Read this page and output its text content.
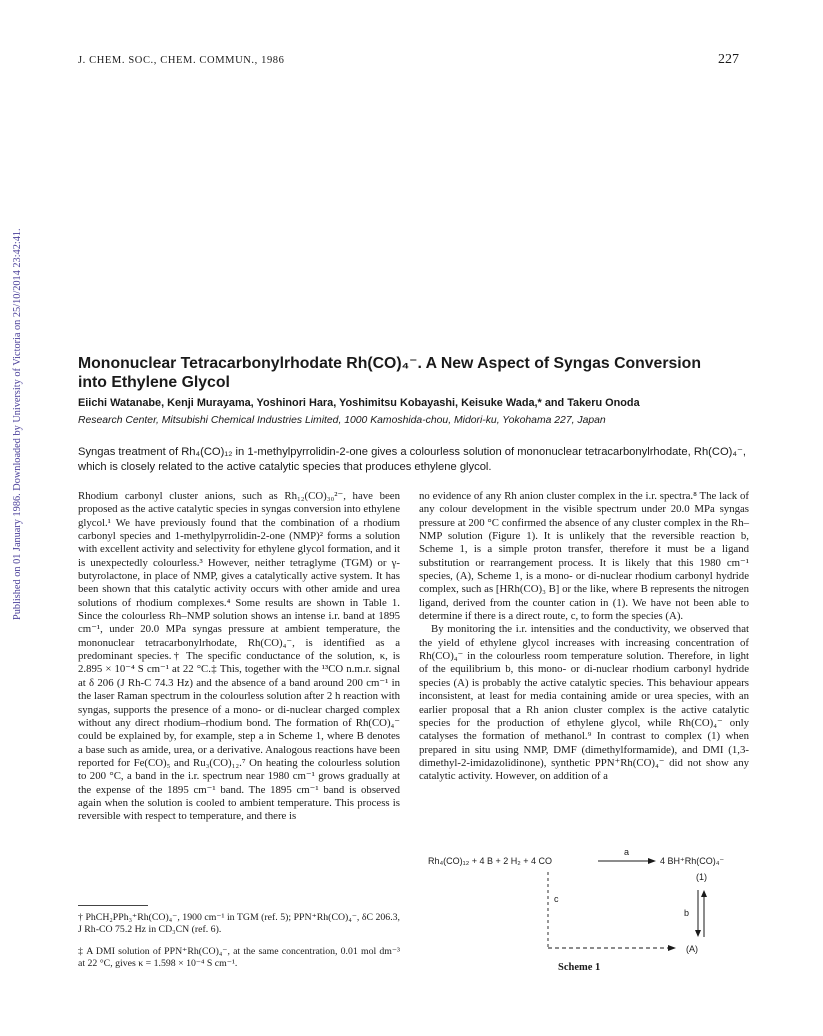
J. CHEM. SOC., CHEM. COMMUN., 1986	227
Published on 01 January 1986. Downloaded by University of Victoria on 25/10/2014 23:42:41.	Mononuclear Tetracarbonylrhodate Rh(CO)₄⁻. A New Aspect of Syngas Conversion
into Ethylene Glycol
Eiichi Watanabe, Kenji Murayama, Yoshinori Hara, Yoshimitsu Kobayashi, Keisuke Wada,* and Takeru Onoda
Research Center, Mitsubishi Chemical Industries Limited, 1000 Kamoshida-chou, Midori-ku, Yokohama 227, Japan
Syngas treatment of Rh₄(CO)₁₂ in 1-methylpyrrolidin-2-one gives a colourless solution of mononuclear tetracarbonylrhodate, Rh(CO)₄⁻, which is closely related to the active catalytic species that produces ethylene glycol.

Rhodium carbonyl cluster anions, such as Rh₁₂(CO)₃₀²⁻, have been proposed as the active catalytic species in syngas conversion into ethylene glycol.¹ We have previously found that the combination of a rhodium carbonyl species and 1-methylpyrrolidin-2-one (NMP)² forms a solution with excellent activity and selectivity for ethylene glycol formation, and it is unexpectedly colourless.³ However, neither tetraglyme (TGM) or γ-butyrolactone, in place of NMP, gives a catalytically active system. It has been shown that this catalytic activity occurs with other amide and urea solutions of rhodium complexes.⁴ Some results are shown in Table 1. Since the colourless Rh–NMP solution shows an intense i.r. band at 1895 cm⁻¹, under 20.0 MPa syngas pressure at ambient temperature, the mononuclear tetracarbonylrhodate, Rh(CO)₄⁻, is identified as a predominant species.† The specific conductance of the solution, κ, is 2.895 × 10⁻⁴ S cm⁻¹ at 22 °C.‡ This, together with the ¹³CO n.m.r. signal at δ 206 (J Rh-C 74.3 Hz) and the absence of a band around 200 cm⁻¹ in the laser Raman spectrum in the colourless solution after 2 h reaction with syngas, supports the presence of a mono- or di-nuclear charged complex without any direct rhodium–rhodium bond. The formation of Rh(CO)₄⁻ could be explained by, for example, step a in Scheme 1, where B denotes a base such as amide, urea, or a derivative. Analogous reactions have been reported for Fe(CO)₅ and Ru₃(CO)₁₂.⁷ On heating the colourless solution to 200 °C, a band in the i.r. spectrum near 1980 cm⁻¹ grows gradually at the expense of the 1895 cm⁻¹ band. The 1895 cm⁻¹ band is observed again when the solution is cooled to ambient temperature. This process is reversible with respect to temperature, and there is

no evidence of any Rh anion cluster complex in the i.r. spectra.⁸ The lack of any colour development in the visible spectrum under 20.0 MPa syngas pressure at 200 °C confirmed the absence of any cluster complex in the Rh–NMP solution (Figure 1). It is unlikely that the reversible reaction b, Scheme 1, is a simple proton transfer, therefore it must be a ligand substitution or rearrangement process. It is likely that this 1980 cm⁻¹ species, (A), Scheme 1, is a mono- or di-nuclear rhodium carbonyl hydride complex, such as [HRh(CO)₃ B] or the like, where B represents the nitrogen ligand, derived from the counter cation in (1). We have not been able to determine if there is a direct route, c, to form the species (A).

By monitoring the i.r. intensities and the conductivity, we observed that the yield of ethylene glycol increases with increasing concentration of Rh(CO)₄⁻ in the colourless room temperature solution. Therefore, in light of the equilibrium b, this mono- or di-nuclear rhodium carbonyl hydride species (A) is probably the active catalytic species. This behaviour appears inconsistent, at least for media containing amide or urea species, with an earlier proposal that a Rh anion cluster complex is the active catalytic species for the production of ethylene glycol, while Rh(CO)₄⁻ only catalyses the formation of methanol.⁹ In contrast to complex (1) when prepared in situ using NMP, DMF (dimethylformamide), and DMI (1,3-dimethyl-2-imidazolidinone), synthetic PPN⁺Rh(CO)₄⁻ did not show any catalytic activity. However, on addition of a

† PhCH₂PPh₃⁺Rh(CO)₄⁻, 1900 cm⁻¹ in TGM (ref. 5); PPN⁺Rh(CO)₄⁻, δC 206.3, J Rh-CO 75.2 Hz in CD₃CN (ref. 6).

‡ A DMI solution of PPN⁺Rh(CO)₄⁻, at the same concentration, 0.01 mol dm⁻³ at 22 °C, gives κ = 1.598 × 10⁻⁴ S cm⁻¹.

Rh₄(CO)₁₂ + 4 B + 2 H₂ + 4 CO
a
4 BH⁺Rh(CO)₄⁻
(1)
c
b
(A)
Scheme 1
